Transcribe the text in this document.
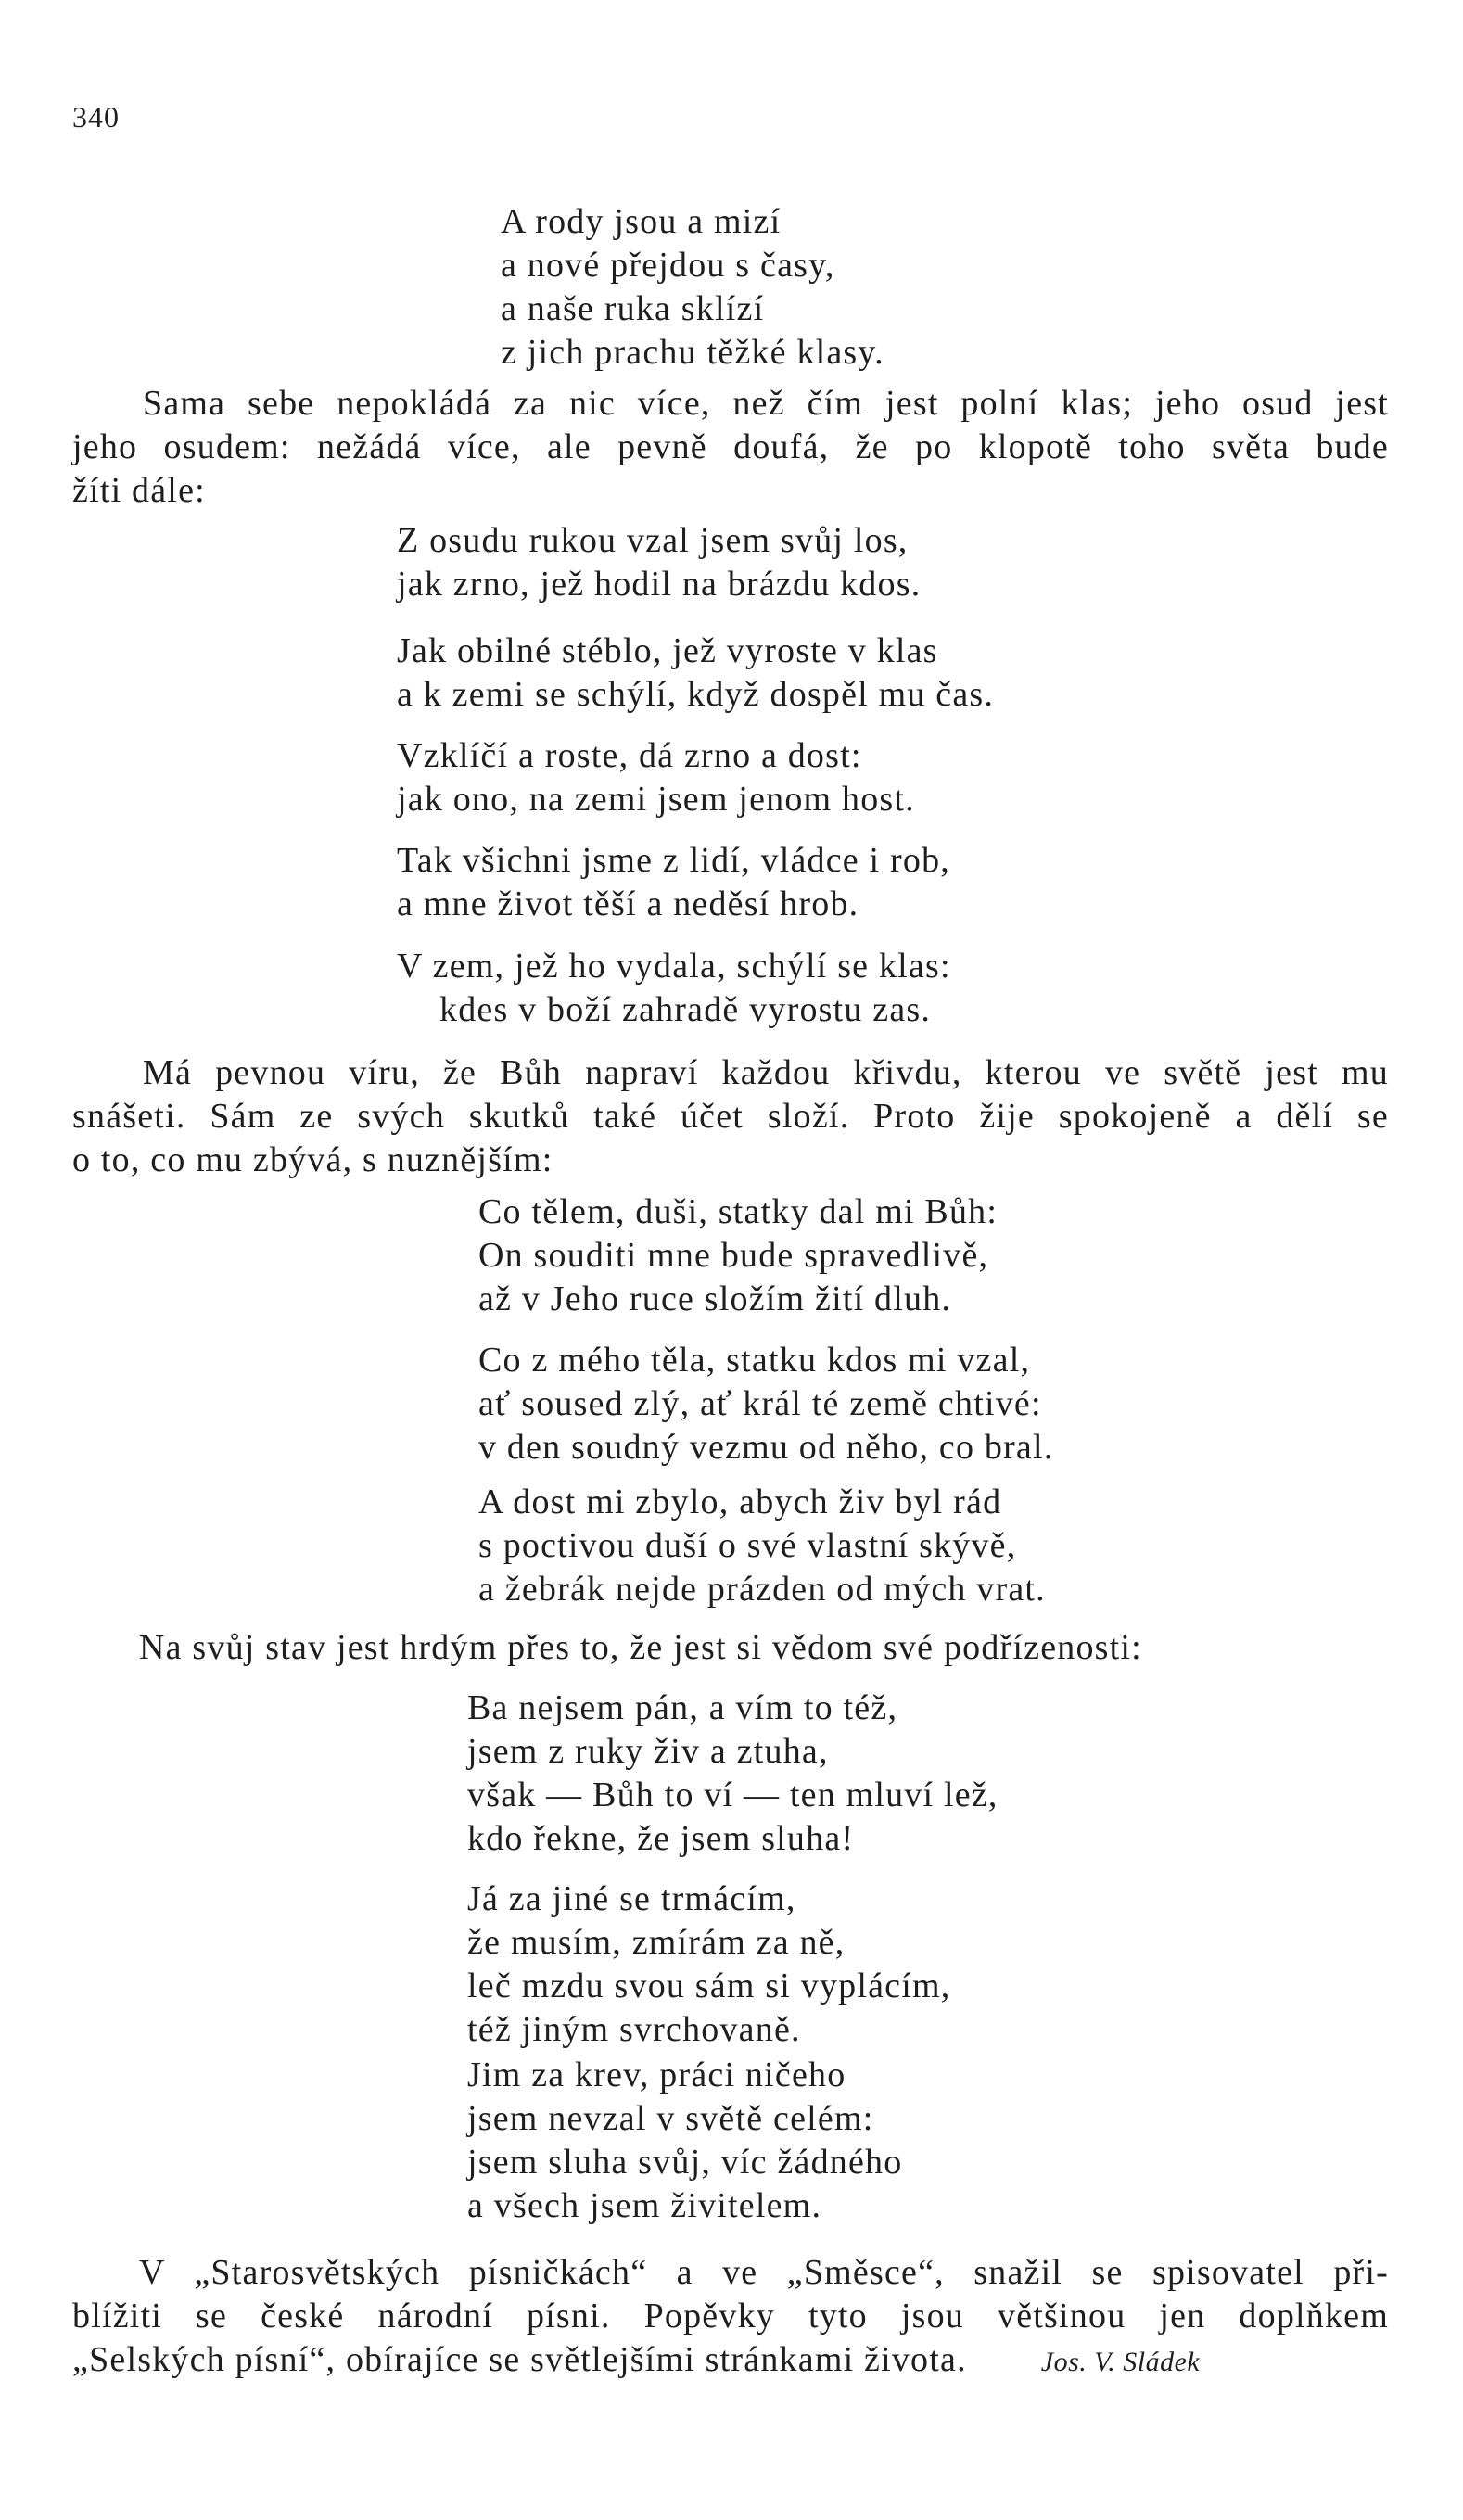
340
A rody jsou a mizí
a nové přejdou s časy,
a naše ruka sklízí
z jich prachu těžké klasy.
Sama sebe nepokládá za nic více, než čím jest polní klas; jeho osud jest
jeho osudem: nežádá více, ale pevně doufá, že po klopotě toho světa bude
žíti dále:
Z osudu rukou vzal jsem svůj los,
jak zrno, jež hodil na brázdu kdos.
Jak obilné stéblo, jež vyroste v klas
a k zemi se schýlí, když dospěl mu čas.
Vzklíčí a roste, dá zrno a dost:
jak ono, na zemi jsem jenom host.
Tak všichni jsme z lidí, vládce i rob,
a mne život těší a neděsí hrob.
V zem, jež ho vydala, schýlí se klas:
kdes v boží zahradě vyrostu zas.
Má pevnou víru, že Bůh napraví každou křivdu, kterou ve světě jest mu
snášeti. Sám ze svých skutků také účet složí. Proto žije spokojeně a dělí se
o to, co mu zbývá, s nuznějším:
Co tělem, duši, statky dal mi Bůh:
On souditi mne bude spravedlivě,
až v Jeho ruce složím žití dluh.
Co z mého těla, statku kdos mi vzal,
ať soused zlý, ať král té země chtivé:
v den soudný vezmu od něho, co bral.
A dost mi zbylo, abych živ byl rád
s poctivou duší o své vlastní skývě,
a žebrák nejde prázden od mých vrat.
Na svůj stav jest hrdým přes to, že jest si vědom své podřízenosti:
Ba nejsem pán, a vím to též,
jsem z ruky živ a ztuha,
však — Bůh to ví — ten mluví lež,
kdo řekne, že jsem sluha!
Já za jiné se trmácím,
že musím, zmírám za ně,
leč mzdu svou sám si vyplácím,
též jiným svrchovaně.
Jim za krev, práci ničeho
jsem nevzal v světě celém:
jsem sluha svůj, víc žádného
a všech jsem živitelem.
V „Starosvětských písničkách“ a ve „Směsce“, snažil se spisovatel při-
blížiti se české národní písni. Popěvky tyto jsou většinou jen doplňkem
„Selských písní“, obírajíce se světlejšími stránkami života.	Jos. V. Sládek
